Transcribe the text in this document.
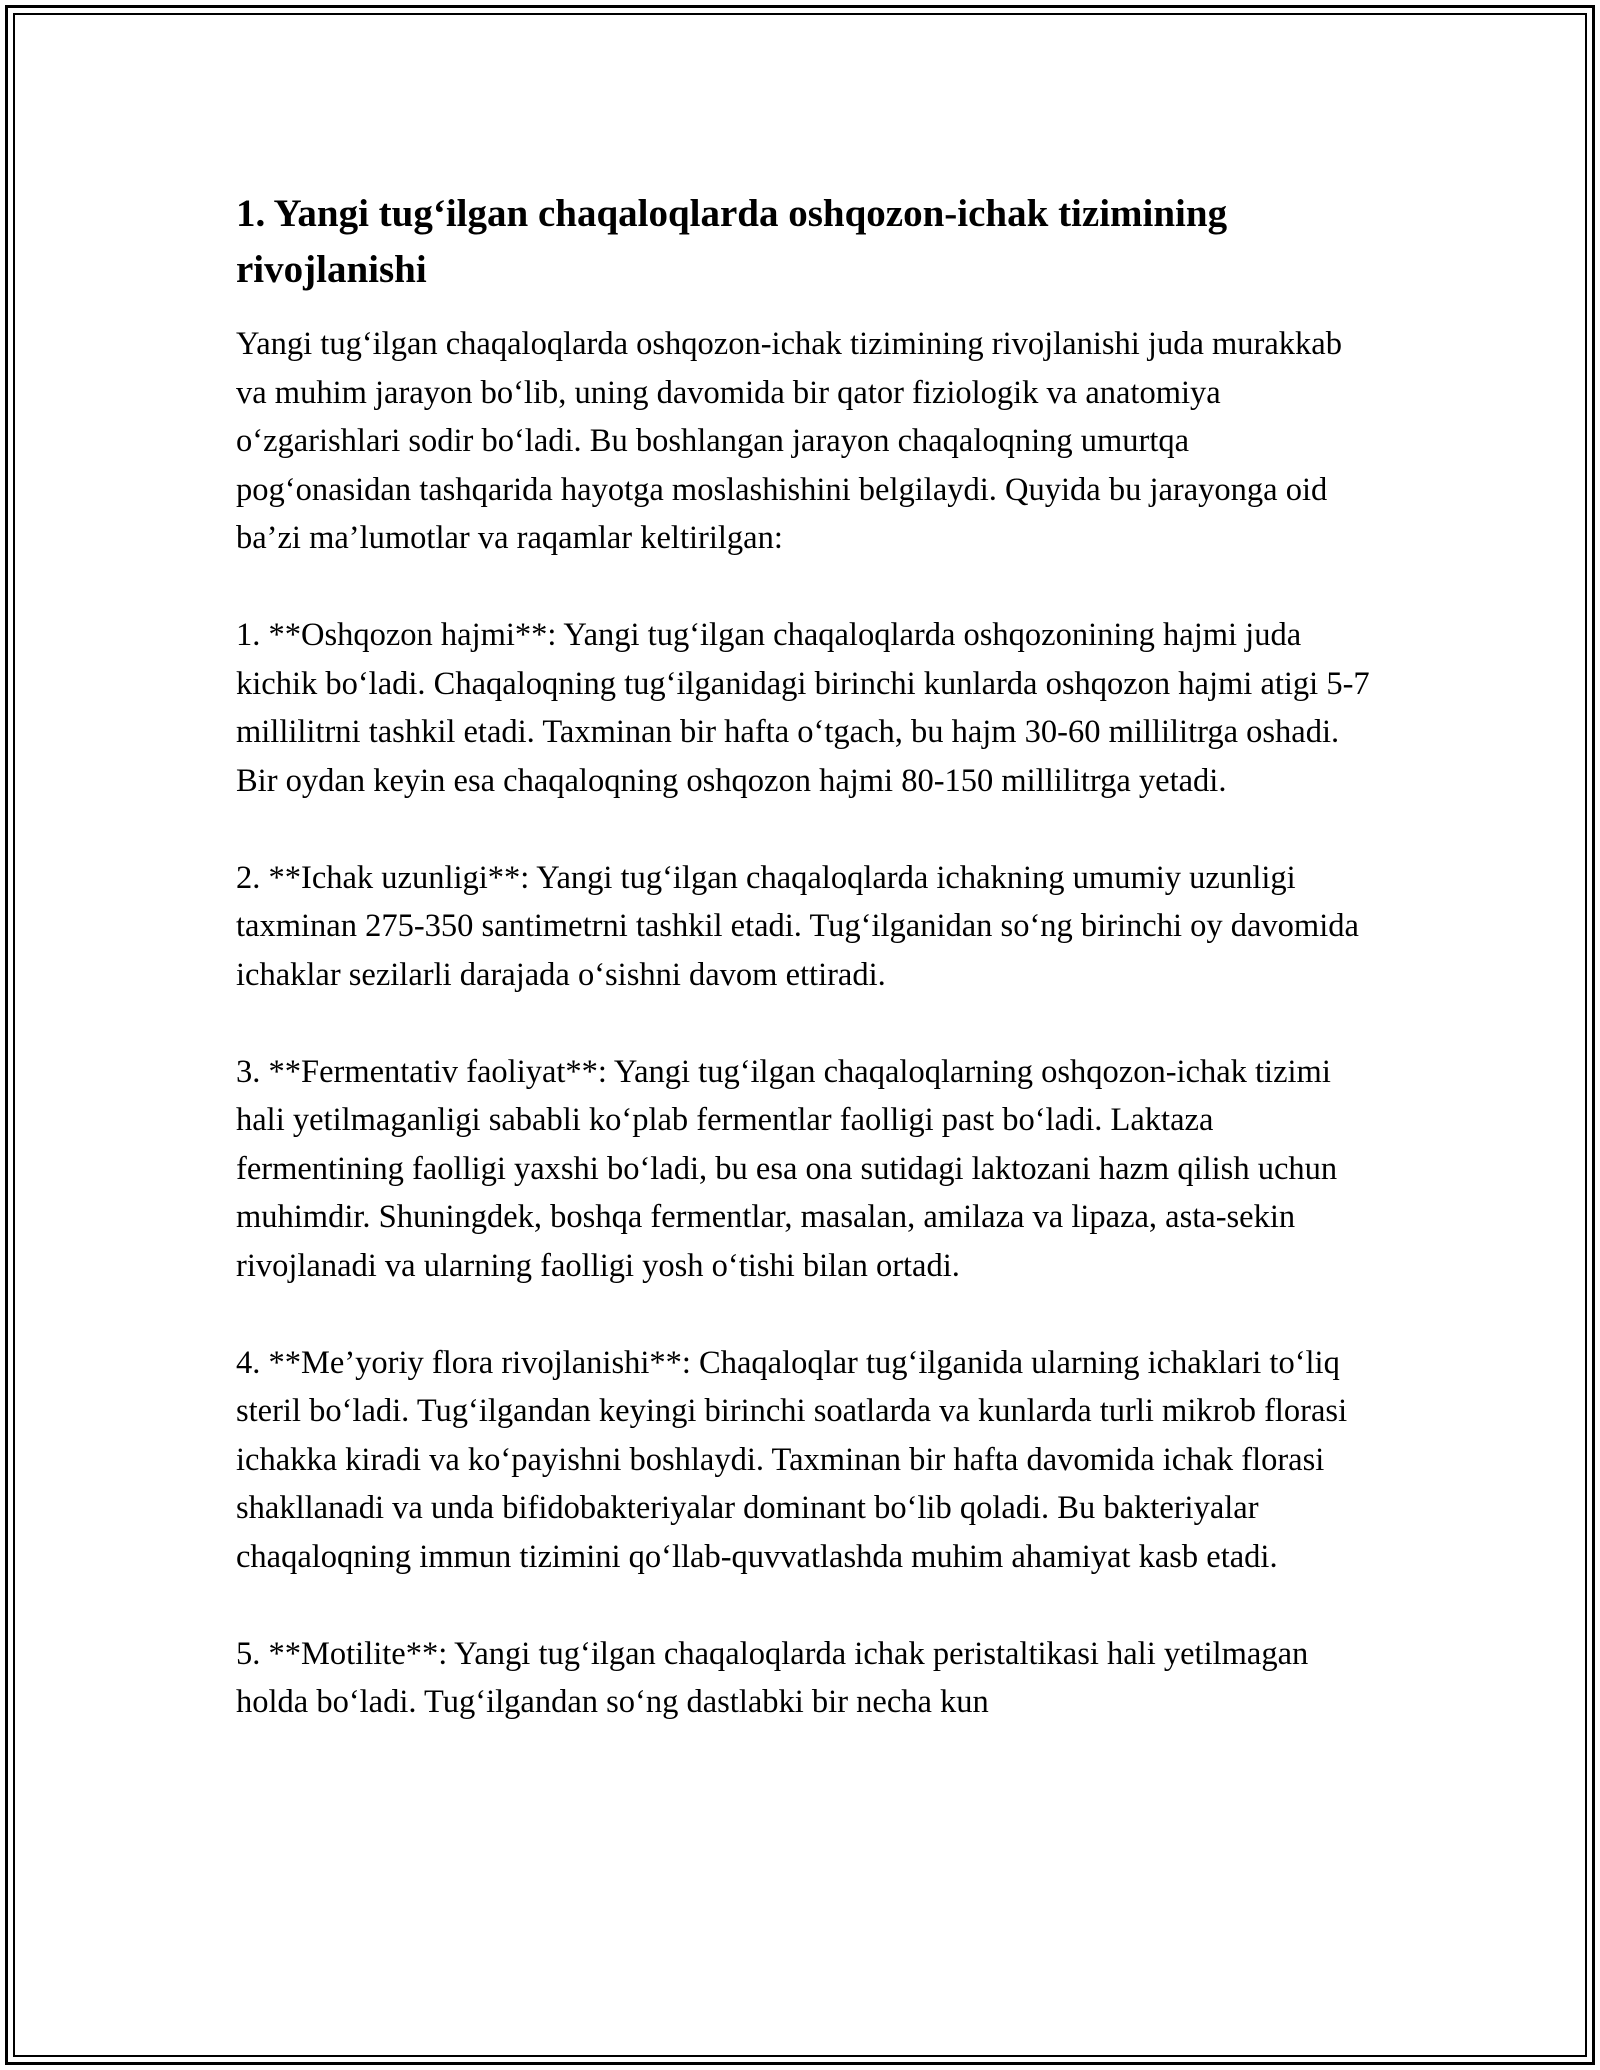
1. Yangi tug‘ilgan chaqaloqlarda oshqozon-ichak tizimining rivojlanishi
Yangi tug‘ilgan chaqaloqlarda oshqozon-ichak tizimining rivojlanishi juda murakkab va muhim jarayon bo‘lib, uning davomida bir qator fiziologik va anatomiya o‘zgarishlari sodir bo‘ladi. Bu boshlangan jarayon chaqaloqning umurtqa pog‘onasidan tashqarida hayotga moslashishini belgilaydi. Quyida bu jarayonga oid ba’zi ma’lumotlar va raqamlar keltirilgan:
1. **Oshqozon hajmi**: Yangi tug‘ilgan chaqaloqlarda oshqozonining hajmi juda kichik bo‘ladi. Chaqaloqning tug‘ilganidagi birinchi kunlarda oshqozon hajmi atigi 5-7 millilitrni tashkil etadi. Taxminan bir hafta o‘tgach, bu hajm 30-60 millilitrga oshadi. Bir oydan keyin esa chaqaloqning oshqozon hajmi 80-150 millilitrga yetadi.
2. **Ichak uzunligi**: Yangi tug‘ilgan chaqaloqlarda ichakning umumiy uzunligi taxminan 275-350 santimetrni tashkil etadi. Tug‘ilganidan so‘ng birinchi oy davomida ichaklar sezilarli darajada o‘sishni davom ettiradi.
3. **Fermentativ faoliyat**: Yangi tug‘ilgan chaqaloqlarning oshqozon-ichak tizimi hali yetilmaganligi sababli ko‘plab fermentlar faolligi past bo‘ladi. Laktaza fermentining faolligi yaxshi bo‘ladi, bu esa ona sutidagi laktozani hazm qilish uchun muhimdir. Shuningdek, boshqa fermentlar, masalan, amilaza va lipaza, asta-sekin rivojlanadi va ularning faolligi yosh o‘tishi bilan ortadi.
4. **Me’yoriy flora rivojlanishi**: Chaqaloqlar tug‘ilganida ularning ichaklari to‘liq steril bo‘ladi. Tug‘ilgandan keyingi birinchi soatlarda va kunlarda turli mikrob florasi ichakka kiradi va ko‘payishni boshlaydi. Taxminan bir hafta davomida ichak florasi shakllanadi va unda bifidobakteriyalar dominant bo‘lib qoladi. Bu bakteriyalar chaqaloqning immun tizimini qo‘llab-quvvatlashda muhim ahamiyat kasb etadi.
5. **Motilite**: Yangi tug‘ilgan chaqaloqlarda ichak peristaltikasi hali yetilmagan holda bo‘ladi. Tug‘ilgandan so‘ng dastlabki bir necha kun
